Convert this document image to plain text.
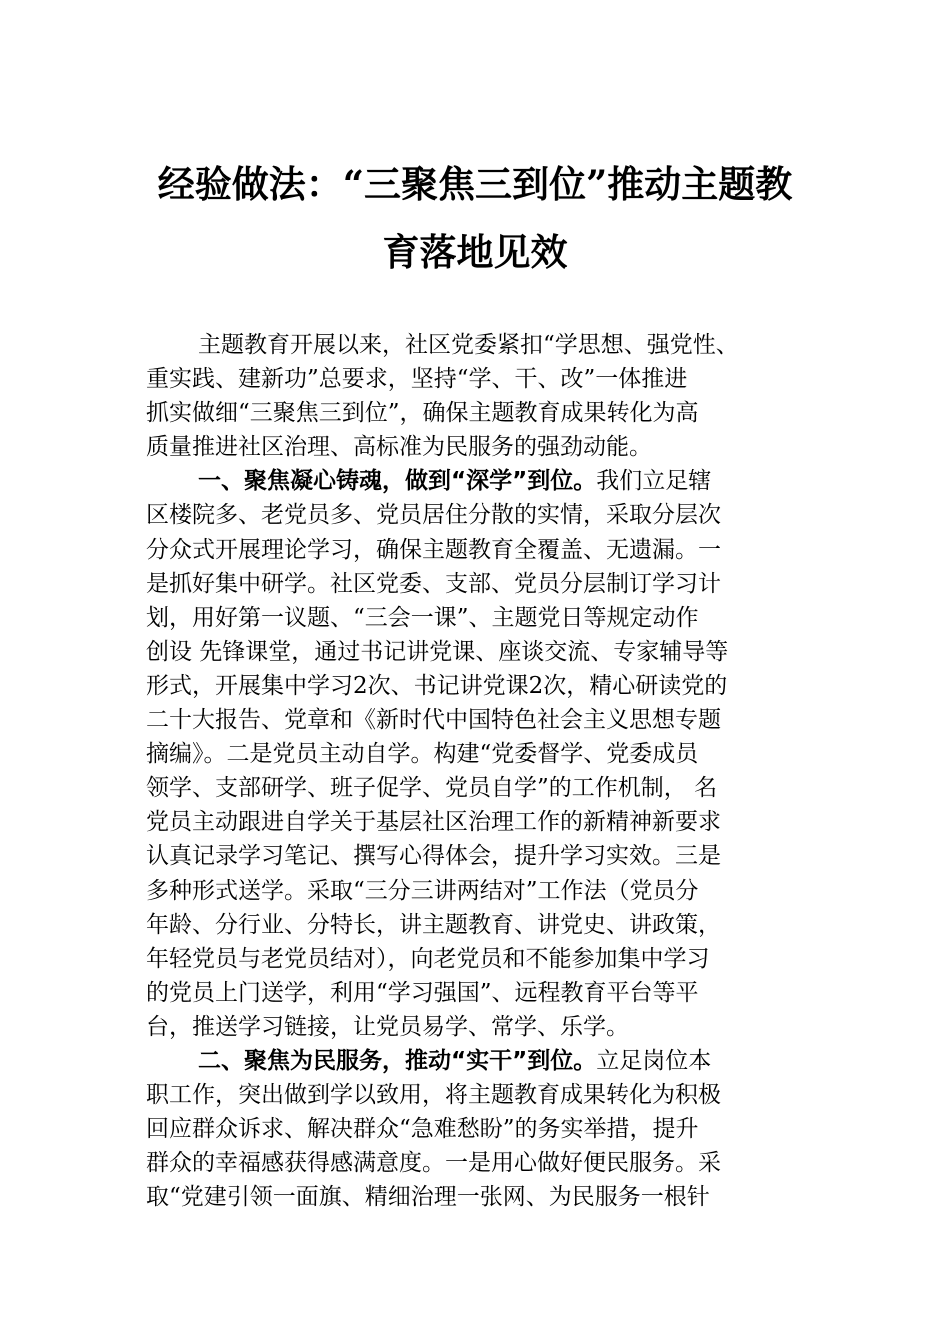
经验做法：“三聚焦三到位”推动主题教
育落地见效
主题教育开展以来，社区党委紧扣“学思想、强党性、
重实践、建新功”总要求，坚持“学、干、改”一体推进
抓实做细“三聚焦三到位”，确保主题教育成果转化为高
质量推进社区治理、高标准为民服务的强劲动能。
一、聚焦凝心铸魂，做到“深学”到位。我们立足辖
区楼院多、老党员多、党员居住分散的实情，采取分层次
分众式开展理论学习，确保主题教育全覆盖、无遗漏。一
是抓好集中研学。社区党委、支部、党员分层制订学习计
划，用好第一议题、“三会一课”、主题党日等规定动作
创设 先锋课堂，通过书记讲党课、座谈交流、专家辅导等
形式，开展集中学习2次、书记讲党课2次，精心研读党的
二十大报告、党章和《新时代中国特色社会主义思想专题
摘编》。二是党员主动自学。构建“党委督学、党委成员
领学、支部研学、班子促学、党员自学”的工作机制， 名
党员主动跟进自学关于基层社区治理工作的新精神新要求
认真记录学习笔记、撰写心得体会，提升学习实效。三是
多种形式送学。采取“三分三讲两结对”工作法（党员分
年龄、分行业、分特长，讲主题教育、讲党史、讲政策，
年轻党员与老党员结对），向老党员和不能参加集中学习
的党员上门送学，利用“学习强国”、远程教育平台等平
台，推送学习链接，让党员易学、常学、乐学。
二、聚焦为民服务，推动“实干”到位。立足岗位本
职工作，突出做到学以致用，将主题教育成果转化为积极
回应群众诉求、解决群众“急难愁盼”的务实举措，提升
群众的幸福感获得感满意度。一是用心做好便民服务。采
取“党建引领一面旗、精细治理一张网、为民服务一根针
